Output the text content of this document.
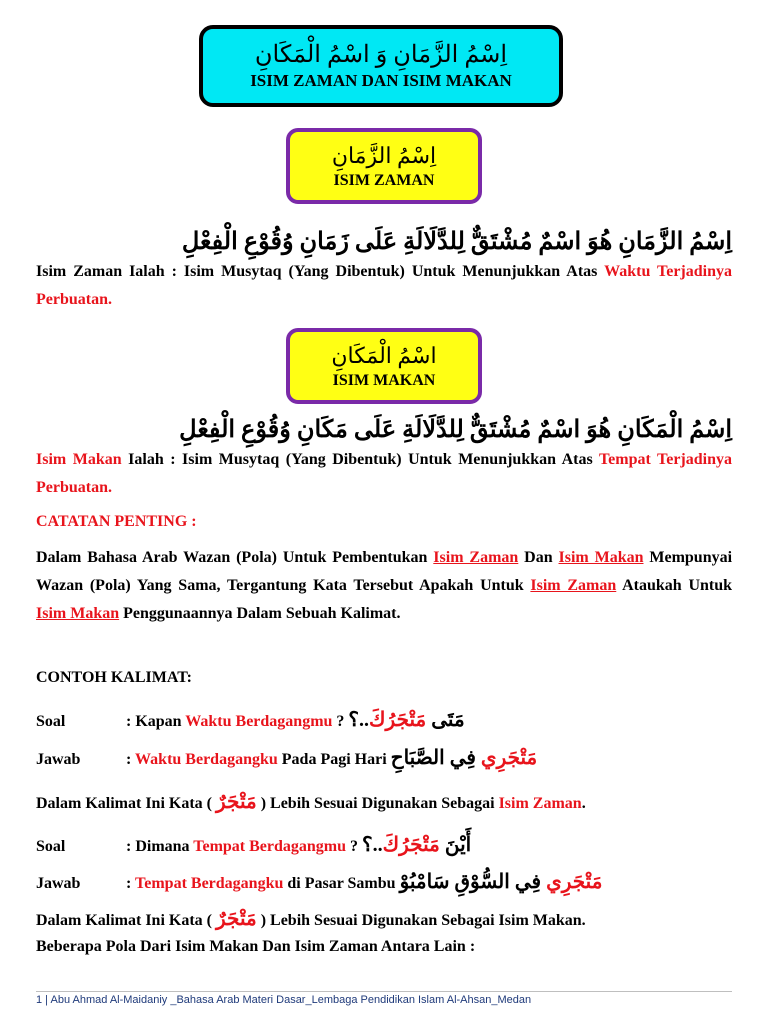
اِسْمُ الزَّمَانِ وَ اسْمُ الْمَكَانِ
ISIM ZAMAN DAN ISIM MAKAN
اِسْمُ الزَّمَانِ
ISIM ZAMAN
اِسْمُ الزَّمَانِ هُوَ اسْمٌ مُشْتَقٌّ لِلدَّلَالَةِ عَلَى زَمَانِ وُقُوْعِ الْفِعْلِ
Isim Zaman Ialah : Isim Musytaq (Yang Dibentuk) Untuk Menunjukkan Atas Waktu Terjadinya Perbuatan.
اسْمُ الْمَكَانِ
ISIM MAKAN
اِسْمُ الْمَكَانِ هُوَ اسْمٌ مُشْتَقٌّ لِلدَّلَالَةِ عَلَى مَكَانِ وُقُوْعِ الْفِعْلِ
Isim Makan Ialah : Isim Musytaq (Yang Dibentuk) Untuk Menunjukkan Atas Tempat Terjadinya Perbuatan.
CATATAN PENTING :
Dalam Bahasa Arab Wazan (Pola) Untuk Pembentukan Isim Zaman Dan Isim Makan Mempunyai Wazan (Pola) Yang Sama, Tergantung Kata Tersebut Apakah Untuk Isim Zaman Ataukah Untuk Isim Makan Penggunaannya Dalam Sebuah Kalimat.
CONTOH KALIMAT:
Soal	: Kapan Waktu Berdagangmu ?	مَتَى مَتْجَرُكَ..؟
Jawab	: Waktu Berdagangku Pada Pagi Hari	مَتْجَرِي فِي الصَّبَاحِ
Dalam Kalimat Ini Kata ( مَتْجَرٌ ) Lebih Sesuai Digunakan Sebagai Isim Zaman.
Soal	: Dimana Tempat Berdagangmu ?	أَيْنَ مَتْجَرُكَ..؟
Jawab	: Tempat Berdagangku di Pasar Sambu	مَتْجَرِي فِي السُّوْقِ سَامْبُوْ
Dalam Kalimat Ini Kata ( مَتْجَرٌ ) Lebih Sesuai Digunakan Sebagai Isim Makan.
Beberapa Pola Dari Isim Makan Dan Isim Zaman Antara Lain :
1 | Abu Ahmad Al-Maidaniy _Bahasa Arab Materi Dasar_Lembaga Pendidikan Islam Al-Ahsan_Medan
